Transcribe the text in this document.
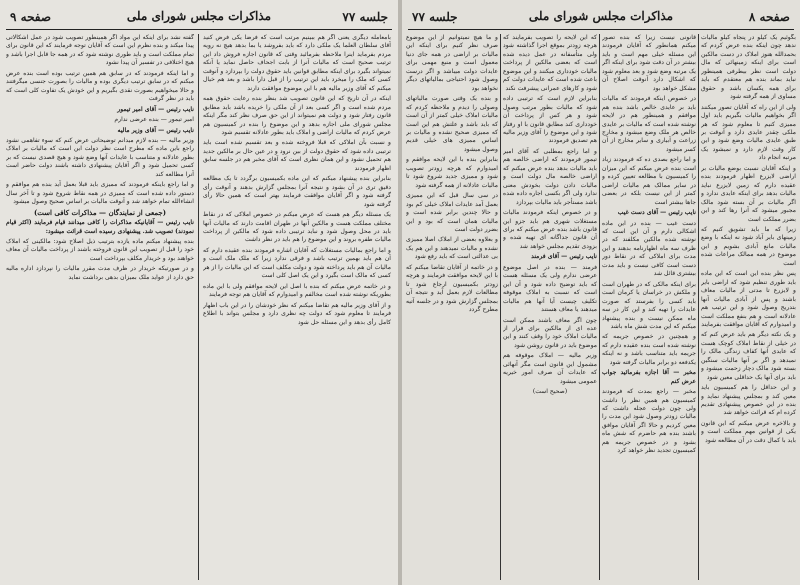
صفحه ۹	مذاکرات مجلس شورای ملی	جلسه ۷۷

گفته نشد برای اینکه این مواد اگر همینطور تصویب شود در عمل اشکالاتی پیدا میکند و بنده نظرم این است که آقایان توجه فرمایند که این قانون برای تمام مملکت است و باید طوری نوشته شود که در همه جا قابل اجرا باشد و هیچ اختلافی در تفسیر آن پیدا نشود

و اما اینکه فرمودند که در سابق هم همین ترتیب بوده است بنده عرض میکنم که در سابق ترتیب دیگری بوده و مالیات را بصورت جنسی میگرفتند و حالا میخواهیم بصورت نقدی بگیریم و این خودش یک تفاوت کلی است که باید در نظر گرفت

نایب رئیس — آقای امیر تیمور

امیر تیمور — بنده عرضی ندارم

نایب رئیس — آقای وزیر مالیه

وزیر مالیه — بنده لازم میدانم توضیحاتی عرض کنم که سوء تفاهمی نشود راجع باین ماده که مطرح است نظر دولت این است که مالیات بر املاک بطور عادلانه و متناسب با عایدات آنها وضع شود و هیچ قصدی نیست که بر کسی تحمیل شود و اگر آقایان پیشنهادی داشته باشند دولت حاضر است آنرا مطالعه کند

و اما راجع باینکه فرمودند که ممیزی باید قبلا بعمل آید بنده هم موافقم و دستور داده شده است که ممیزی در همه نقاط شروع شود و تا آخر سال انشاءالله تمام خواهد شد و آنوقت مالیات بر اساس صحیح وصول میشود

(جمعی از نمایندگان — مذاکرات کافی است)

نایب رئیس — آقایانیکه مذاکرات را کافی میدانند قیام فرمایند (اکثر قیام نمودند) تصویب شد. پیشنهادی رسیده است قرائت میشود:

بنده پیشنهاد میکنم ماده یازده بترتیب ذیل اصلاح شود: مالکینی که املاک خود را قبل از تصویب این قانون فروخته باشند از پرداخت مالیات آن معاف خواهند بود و خریدار مکلف بپرداخت است

و در صورتیکه خریدار در ظرف مدت مقرر مالیات را نپردازد اداره مالیه حق دارد از عواید ملک بمیزان بدهی برداشت نماید

بامعامله دیگری یعنی اگر هم ببینیم مرتب است که فرضا یکی فرض کنید آقای سلطان العلما یک ملکی دارد که باید بفروشد یا بما بدهد هیچ نه رویه مردم بفرماید اینرا ملاحظه بفرمائید وقتی که قانون اجازه فروش داد این ترتیب صحیح است که مالیات آنرا از بابت اجحاف حاصل نماید یا آنکه نمیتواند بگیرد برای اینکه مطابق قوانین باید حقوق دولت را بپردازد و آنوقت کسی که ملک را میخرد باید این ترتیب را از قبل دارا باشد و بعد هم خیال میکنم که آقای وزیر مالیه هم با این موضوع موافقت دارند

اینکه در آن تاریخ که این قانون تصویب شد بنظر بنده رعایت حقوق همه مردم شده است و اگر کسی بعد از آن ملکی را خریده باشد باید مطابق قانون رفتار شود و دولت هم نمیتواند از این حق صرف نظر کند مگر اینکه مجلس شورای ملی اجازه بدهد و این موضوع را بنده در کمیسیون هم عرض کردم که مالیات اراضی و املاک باید بطور عادلانه تقسیم شود

و نسبت بآن املاکی که قبلا فروخته شده و بعد تقسیم شده است باید ترتیبی داده شود که حقوق دولت از بین نرود و در عین حال بر مالکین جدید هم تحمیل نشود و این همان نظری است که آقای مخبر هم در جلسه سابق اظهار فرمودند

بنابراین بنده پیشنهاد میکنم که این ماده بکمیسیون برگردد تا یک مطالعه دقیق تری در آن بشود و نتیجه آنرا بمجلس گزارش بدهند و آنوقت رأی گرفته شود و اگر آقایان موافقت فرمایند بهتر است که همین حالا رأی گرفته شود

یک مسئله دیگر هم هست که عرض میکنم در خصوص املاکی که در نقاط مختلف مملکت هست و مالکین آنها در طهران اقامت دارند که مالیات آنها باید در محل وصول شود و نباید ترتیبی داده شود که مالکین از پرداخت مالیات طفره بروند و این موضوع را هم باید در نظر داشت

و اما راجع بمالیات مستغلات که آقایان اشاره فرمودند بنده عقیده دارم که آن هم باید بهمین ترتیب باشد و فرقی ندارد زیرا که ملک ملک است و مالیات آن هم باید پرداخته شود و دولت مکلف است که این مالیات را از هر کسی که مالک است بگیرد و این یک اصل کلی است

و در خاتمه عرض میکنم که بنده با اصل این لایحه موافقم ولی با این ماده بطوریکه نوشته شده است مخالفم و امیدوارم که آقایان هم توجه فرمایند

و از آقای وزیر مالیه هم تقاضا میکنم که نظر خودشان را در این باب اظهار فرمایند تا معلوم شود که دولت چه نظری دارد و مجلس بتواند با اطلاع کامل رأی بدهد و این مسئله حل شود

جلسه ۷۷	مذاکرات مجلس شورای ملی	صفحه ۸

و ما هیچ نمیتوانیم از این موضوع صرف نظر کنیم برای اینکه این مالیات بر اراضی در همه جای دنیا معمول است و منبع مهمی برای عایدات دولت میباشد و اگر درست وصول شود احتیاجی بمالیاتهای دیگر نخواهد بود

و بنده یک وقتی صورت مالیاتهای وصولی را دیدم و ملاحظه کردم که مالیات املاک خیلی کمتر از آن است که باید باشد و علتش هم این است که ممیزی صحیح نشده و مالیات بر اساس ممیزی های خیلی قدیم وصول میشود

بنابراین بنده با این لایحه موافقم و امیدوارم که هرچه زودتر تصویب شود و ممیزی جدید شروع شود تا مالیات عادلانه از همه گرفته شود

در سی سال قبل که این ممیزی بعمل آمد عایدات املاک خیلی کم بود و حالا چندین برابر شده است و مالیات همان است که بود و این بضرر دولت است

و بعلاوه بعضی از املاک اصلا ممیزی نشده و مالیات نمیدهند و این هم یک بی عدالتی است که باید رفع شود

و در خاتمه از آقایان تقاضا میکنم که با این لایحه موافقت فرمایند و هرچه زودتر بکمیسیون ارجاع شود تا مطالعات لازم بعمل آید و نتیجه آن بمجلس گزارش شود و در جلسه آتیه مطرح گردد

که این لایحه را تصویب بفرمایند که هرچه زودتر بموقع اجرا گذاشته شود ولی متأسفانه در عمل دیده شده است که بعضی مالکین از پرداخت مالیات خودداری میکنند و این موضوع باعث شده است که عایدات دولت کم شود و کارهای عمرانی پیشرفت نکند

بنابراین لازم است که ترتیبی داده شود که مالیات بطور مرتب وصول شود و هر کس از پرداخت آن خودداری کند مطابق قانون با او رفتار شود و این موضوع را آقای وزیر مالیه هم تصدیق فرمودند

و اما راجع بمطلبی که آقای امیر تیمور فرمودند که اراضی خالصه هم باید مالیات بدهد بنده عرض میکنم که اراضی خالصه مال دولت است و مالیات دادن دولت بخودش معنی ندارد ولی اگر بکسی اجاره داده شده باشد مستأجر باید مالیات بپردازد

و در خصوص اینکه فرمودند مالیات مستغلات شهری هم باید جزو این قانون باشد بنده عرض میکنم که برای آن قانون جداگانه ای تهیه شده و بزودی تقدیم مجلس خواهد شد

نایب رئیس — آقای فرمند

فرمند — بنده در اصل موضوع عرضی ندارم ولی یک مسئله هست که باید توضیح داده شود و آن این است که نسبت به املاک موقوفه تکلیف چیست آیا آنها هم مالیات میدهند یا معاف هستند

چون اگر معاف باشند ممکن است عده ای از مالکین برای فرار از مالیات املاک خود را وقف کنند و این موضوع باید در قانون روشن شود

وزیر مالیه — املاک موقوفه هم مشمول این قانون است مگر آنهائی که عایدات آن صرف امور خیریه عمومی میشود

(صحیح است)

قانونی نیست زیرا که بنده تصور میکنم همانطور که آقایان فرمودند این مسئله خیلی مهم است و باید بیشتر در آن دقت شود برای اینکه اگر یک مرتبه وضع شود و بعد معلوم شود که اشکال دارد آنوقت اصلاح آن مشکل خواهد بود

در خصوص اینکه فرمودند که مالیات باید بر عایدی خالص باشد بنده هم موافقم و همینطور هم در لایحه نوشته شده است که مالیات بر عایدی خالص هر ملک وضع میشود و مخارج زراعت و آبیاری و سایر مخارج از آن کسر میشود

و اما راجع بصدی ده که فرمودند زیاد است بنده عرض میکنم که این میزان را کمیسیون با مطالعه تعیین کرده و در سایر ممالک هم مالیات اراضی کمتر از این نیست بلکه در بعضی جاها بیشتر است

نایب رئیس — آقای دست غیب

دست غیب — بنده در این ماده اشکالی دارم و آن این است که نوشته شده مالکین مکلفند که در ظرف سه ماه اظهارنامه بدهند و این مدت برای املاکی که در نقاط دور دست است کافی نیست و باید مدت بیشتری قائل شد

برای اینکه مالکی که در طهران است و ملکش در خراسان یا کرمان است باید کسی را بفرستد که صورت عایدات را تهیه کند و این کار در سه ماه ممکن نیست و بنده پیشنهاد میکنم که این مدت شش ماه باشد

و همچنین در خصوص جریمه که نوشته شده است بنده عقیده دارم که جریمه باید متناسب باشد و نه اینکه یکدفعه دو برابر مالیات گرفته شود

مخبر — آقا اجازه بفرمائید جواب عرض کنم

مخبر — راجع بمدت که فرمودند کمیسیون هم همین نظر را داشت ولی چون دولت عجله داشت که مالیات زودتر وصول شود این مدت را معین کردیم و حالا اگر آقایان موافق باشند بنده هم حاضرم که شش ماه بشود و در خصوص جریمه هم کمیسیون تجدید نظر خواهد کرد

بگوئیم یک کیلو در پنجاه کیلو مالیات ندهد چون اینکه بنده عرض کردم که بحمدالله هنوز املاک در دست مالکین است برای اینکه زمینهائی که مال دولت است نظر بیطرفی همینطور نباید بماند بنده هم معتقدم که باید برای همه یکسان باشد و حقوق مساوی از همه گرفته شود

ولی از این راه که آقایان تصور میکنند اگر بخواهیم مالیات بگیریم باید اول ممیزی کنیم تا معلوم شود که هر ملکی چقدر عایدی دارد و آنوقت بر طبق عایدی مالیات وضع شود و این کار وقت لازم دارد و نمیشود یک مرتبه انجام داد

و اینکه آقایان نسبت بوضع مالیات بر اراضی لایزرع اظهار فرمودند بنده عقیده دارم که زمین لایزرع نباید مالیات بدهد برای اینکه عایدی ندارد و اگر مالیات بر آن بسته شود مالک مجبور میشود که آنرا رها کند و این بضرر مملکت است

زیرا که ما باید تشویق کنیم که زمینهای بایر آباد شود نه اینکه با وضع مالیات مانع آبادی بشویم و این موضوع در همه ممالک مراعات شده است

پس نظر بنده این است که این ماده باید طوری تنظیم شود که اراضی بایر و لایزرع تا مدتی از مالیات معاف باشند و پس از آبادی مالیات آنها بتدریج وصول شود و این ترتیب هم عادلانه است و هم بنفع مملکت است و امیدوارم که آقایان موافقت بفرمایند

و یک نکته دیگر هم باید عرض کنم که در خیلی از نقاط املاک کوچک هست که عایدی آنها کفاف زندگی مالک را نمیدهد و اگر بر آنها مالیات سنگین بسته شود مالک دچار زحمت میشود و باید برای آنها یک حداقلی معین شود

و این حداقل را هم کمیسیون باید معین کند و بمجلس پیشنهاد نماید و بنده در این خصوص پیشنهادی تقدیم کرده ام که قرائت خواهد شد

و بالاخره عرض میکنم که این قانون یکی از قوانین مهم مملکت است و باید با کمال دقت در آن مطالعه شود
